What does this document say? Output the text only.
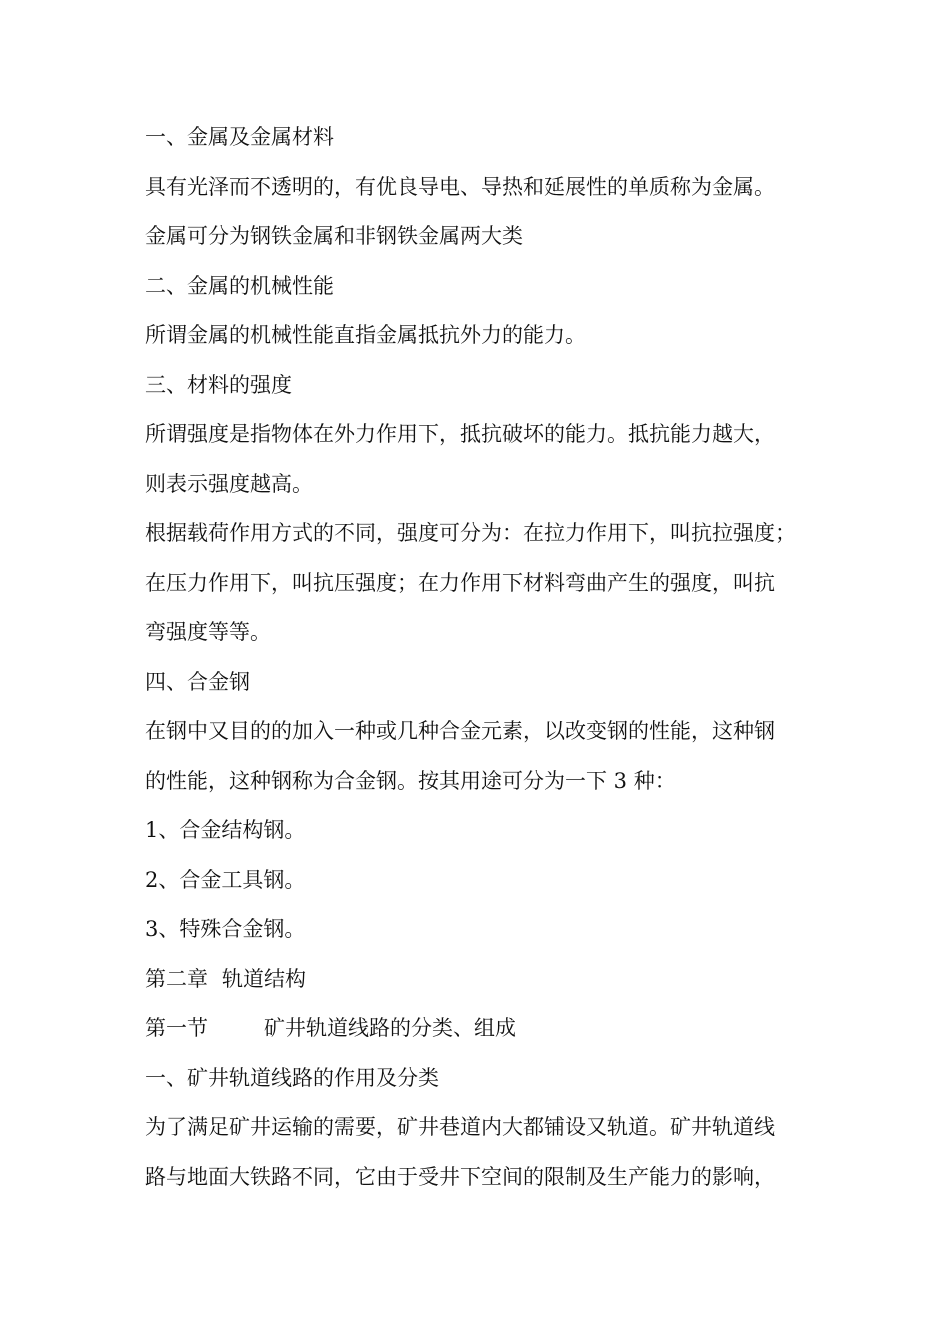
一、金属及金属材料
具有光泽而不透明的，有优良导电、导热和延展性的单质称为金属。
金属可分为钢铁金属和非钢铁金属两大类
二、金属的机械性能
所谓金属的机械性能直指金属抵抗外力的能力。
三、材料的强度
所谓强度是指物体在外力作用下，抵抗破坏的能力。抵抗能力越大，
则表示强度越高。
根据载荷作用方式的不同，强度可分为：在拉力作用下，叫抗拉强度；
在压力作用下，叫抗压强度；在力作用下材料弯曲产生的强度，叫抗
弯强度等等。
四、合金钢
在钢中又目的的加入一种或几种合金元素，以改变钢的性能，这种钢
的性能，这种钢称为合金钢。按其用途可分为一下 3 种：
1、合金结构钢。
2、合金工具钢。
3、特殊合金钢。
第二章 轨道结构
第一节	矿井轨道线路的分类、组成
一、矿井轨道线路的作用及分类
为了满足矿井运输的需要，矿井巷道内大都铺设又轨道。矿井轨道线
路与地面大铁路不同，它由于受井下空间的限制及生产能力的影响，
